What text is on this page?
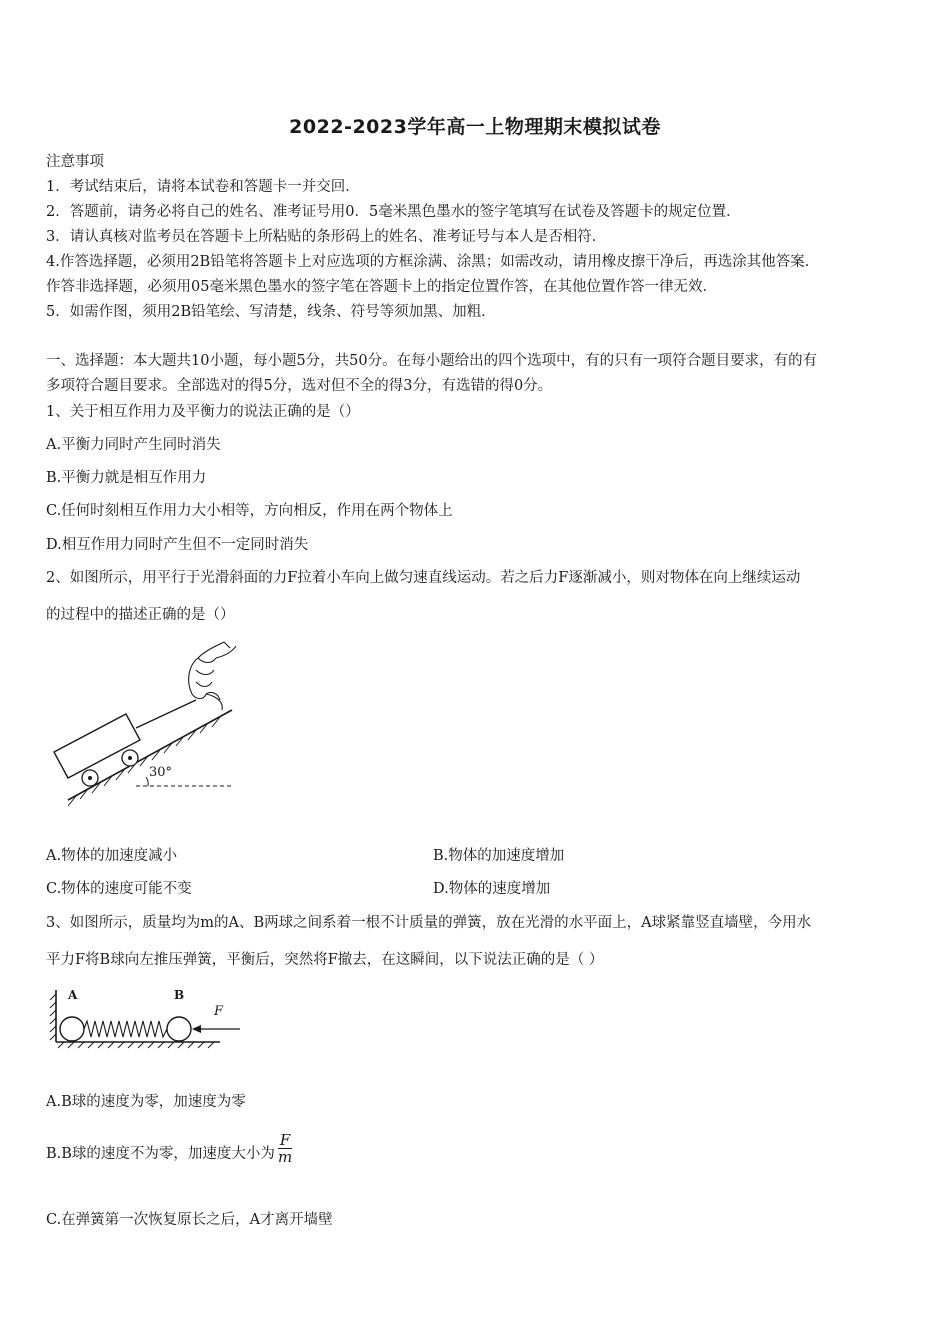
2022-2023学年高一上物理期末模拟试卷
注意事项
1．考试结束后，请将本试卷和答题卡一并交回．
2．答题前，请务必将自己的姓名、准考证号用0．5毫米黑色墨水的签字笔填写在试卷及答题卡的规定位置．
3．请认真核对监考员在答题卡上所粘贴的条形码上的姓名、准考证号与本人是否相符．
4.作答选择题，必须用2B铅笔将答题卡上对应选项的方框涂满、涂黑；如需改动，请用橡皮擦干净后，再选涂其他答案．
作答非选择题，必须用05毫米黑色墨水的签字笔在答题卡上的指定位置作答，在其他位置作答一律无效．
5．如需作图，须用2B铅笔绘、写清楚，线条、符号等须加黑、加粗．
一、选择题：本大题共10小题，每小题5分，共50分。在每小题给出的四个选项中，有的只有一项符合题目要求，有的有
多项符合题目要求。全部选对的得5分，选对但不全的得3分，有选错的得0分。
1、关于相互作用力及平衡力的说法正确的是（）
A.平衡力同时产生同时消失
B.平衡力就是相互作用力
C.任何时刻相互作用力大小相等，方向相反，作用在两个物体上
D.相互作用力同时产生但不一定同时消失
2、如图所示，用平行于光滑斜面的力F拉着小车向上做匀速直线运动。若之后力F逐渐减小，则对物体在向上继续运动
的过程中的描述正确的是（）
30°
A.物体的加速度减小	B.物体的加速度增加
C.物体的速度可能不变	D.物体的速度增加
3、如图所示，质量均为m的A、B两球之间系着一根不计质量的弹簧，放在光滑的水平面上，A球紧靠竖直墙壁，今用水
平力F将B球向左推压弹簧，平衡后，突然将F撤去，在这瞬间，以下说法正确的是（ ）
A	B
F
A.B球的速度为零，加速度为零
B.B球的速度不为零，加速度大小为 $\frac{F}{m}$
C.在弹簧第一次恢复原长之后，A才离开墙壁
